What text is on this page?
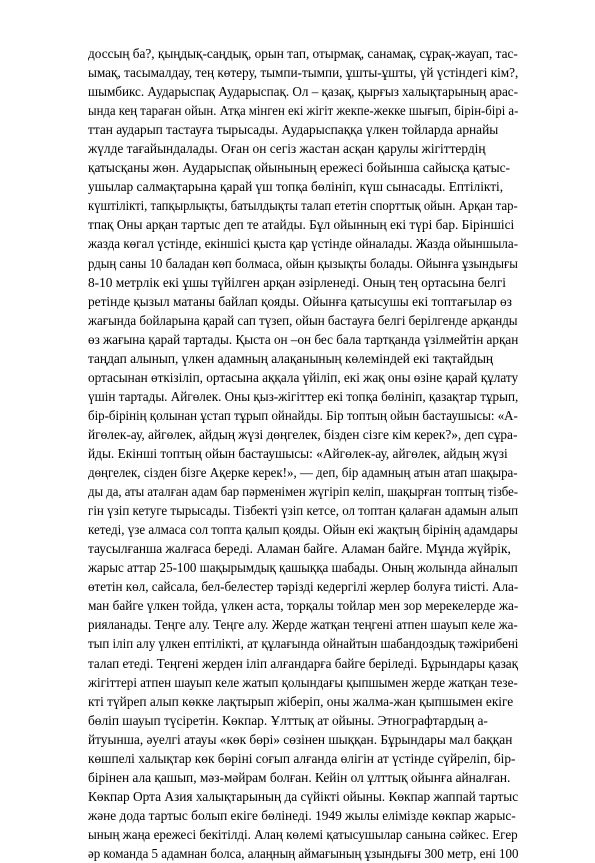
доссың ба?, қыңдық-саңдық, орын тап, отырмақ, санамақ, сұрақ-жауап, тас-
ымақ, тасымалдау, тең көтеру, тымпи-тымпи, ұшты-ұшты, үй үстіндегі кім?,
шымбикс. Аударыспақ Аударыспақ. Ол – қазақ, қырғыз халықтарының арас-
ында кең тараған ойын. Атқа мінген екі жігіт жекпе-жекке шығып, бірін-бірі а-
ттан аударып тастауға тырысады. Аударыспаққа үлкен тойларда арнайы
жүлде тағайындалады. Оған он сегіз жастан асқан қарулы жігіттердің
қатысқаны жөн. Аударыспақ ойынының ережесі бойынша сайысқа қатыс-
ушылар салмақтарына қарай үш топқа бөлініп, күш сынасады. Ептілікті,
күштілікті, тапқырлықты, батылдықты талап ететін спорттық ойын. Арқан тар-
тпақ Оны арқан тартыс деп те атайды. Бұл ойынның екі түрі бар. Біріншісі
жазда көгал үстінде, екіншісі қыста қар үстінде ойналады. Жазда ойыншыла-
рдың саны 10 баладан көп болмаса, ойын қызықты болады. Ойынға ұзындығы
8-10 метрлік екі ұшы түйілген арқан әзірленеді. Оның тең ортасына белгі
ретінде қызыл матаны байлап қояды. Ойынға қатысушы екі топтағылар өз
жағында бойларына қарай сап түзеп, ойын бастауға белгі берілгенде арқанды
өз жағына қарай тартады. Қыста он –он бес бала тартқанда үзілмейтін арқан
таңдап алынып, үлкен адамның алақанының көлеміндей екі тақтайдың
ортасынан өткізіліп, ортасына аққала үйіліп, екі жақ оны өзіне қарай құлату
үшін тартады. Айгөлек. Оны қыз-жігіттер екі топқа бөлініп, қазақтар тұрып,
бір-бірінің қолынан ұстап тұрып ойнайды. Бір топтың ойын бастаушысы: «А-
йгөлек-ау, айгөлек, айдың жүзі дөңгелек, бізден сізге кім керек?», деп сұра-
йды. Екінші топтың ойын бастаушысы: «Айгөлек-ау, айгөлек, айдың жүзі
дөңгелек, сізден бізге Ақерке керек!», — деп, бір адамның атын атап шақыра-
ды да, аты аталған адам бар пәрменімен жүгіріп келіп, шақырған топтың тізбе-
гін үзіп кетуге тырысады. Тізбекті үзіп кетсе, ол топтан қалаған адамын алып
кетеді, үзе алмаса сол топта қалып қояды. Ойын екі жақтың бірінің адамдары
таусылғанша жалғаса береді. Аламан байге. Аламан байге. Мұнда жүйрік,
жарыс аттар 25-100 шақырымдық қашыққа шабады. Оның жолында айналып
өтетін көл, сайсала, бел-белестер тәрізді кедергілі жерлер болуға тиісті. Ала-
ман байге үлкен тойда, үлкен аста, торқалы тойлар мен зор мерекелерде жа-
рияланады. Теңге алу. Теңге алу. Жерде жатқан теңгені атпен шауып келе жа-
тып іліп алу үлкен ептілікті, ат құлағында ойнайтын шабандоздық тәжірибені
талап етеді. Теңгені жерден іліп алғандарға байге беріледі. Бұрындары қазақ
жігіттері атпен шауып келе жатып қолындағы қыпшымен жерде жатқан тезе-
кті түйреп алып көкке лақтырып жіберіп, оны жалма-жан қыпшымен екіге
бөліп шауып түсіретін. Көкпар. Ұлттық ат ойыны. Этнографтардың а-
йтуынша, әуелгі атауы «көк бөрі» сөзінен шыққан. Бұрындары мал баққан
көшпелі халықтар көк бөріні соғып алғанда өлігін ат үстінде сүйреліп, бір-
бірінен ала қашып, мәз-мәйрам болған. Кейін ол ұлттық ойынға айналған.
Көкпар Орта Азия халықтарының да сүйікті ойыны. Көкпар жаппай тартыс
және дода тартыс болып екіге бөлінеді. 1949 жылы елімізде көкпар жарыс-
ының жаңа ережесі бекітілді. Алаң көлемі қатысушылар санына сәйкес. Егер
әр команда 5 адамнан болса, алаңның аймағының ұзындығы 300 метр, ені 100
